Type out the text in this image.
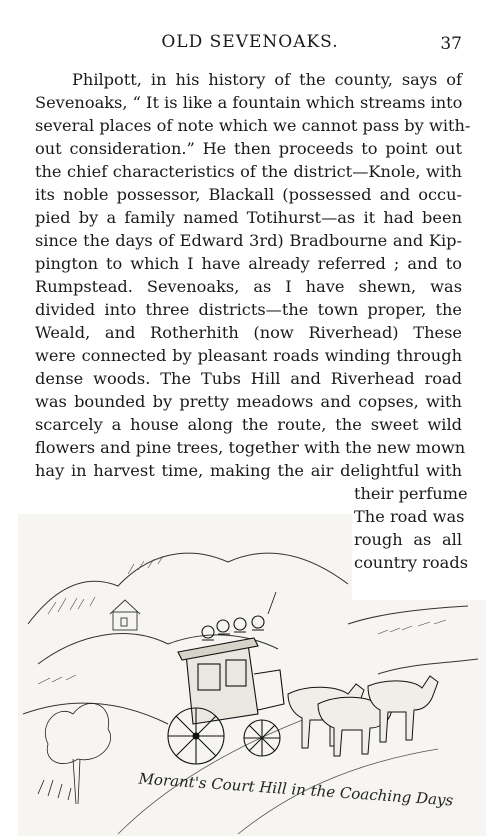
OLD SEVENOAKS.	37
Philpott, in his history of the county, says of
Sevenoaks, “ It is like a fountain which streams into
several places of note which we cannot pass by with-
out consideration.” He then proceeds to point out
the chief characteristics of the district—Knole, with
its noble possessor, Blackall (possessed and occu-
pied by a family named Totihurst—as it had been
since the days of Edward 3rd) Bradbourne and Kip-
pington to which I have already referred ; and to
Rumpstead. Sevenoaks, as I have shewn, was
divided into three districts—the town proper, the
Weald, and Rotherhith (now Riverhead) These
were connected by pleasant roads winding through
dense woods. The Tubs Hill and Riverhead road
was bounded by pretty meadows and copses, with
scarcely a house along the route, the sweet wild
flowers and pine trees, together with the new mown
hay in harvest time, making the air delightful with
their perfume
The road was
rough as all
country roads
Morant's Court Hill in the Coaching Days
